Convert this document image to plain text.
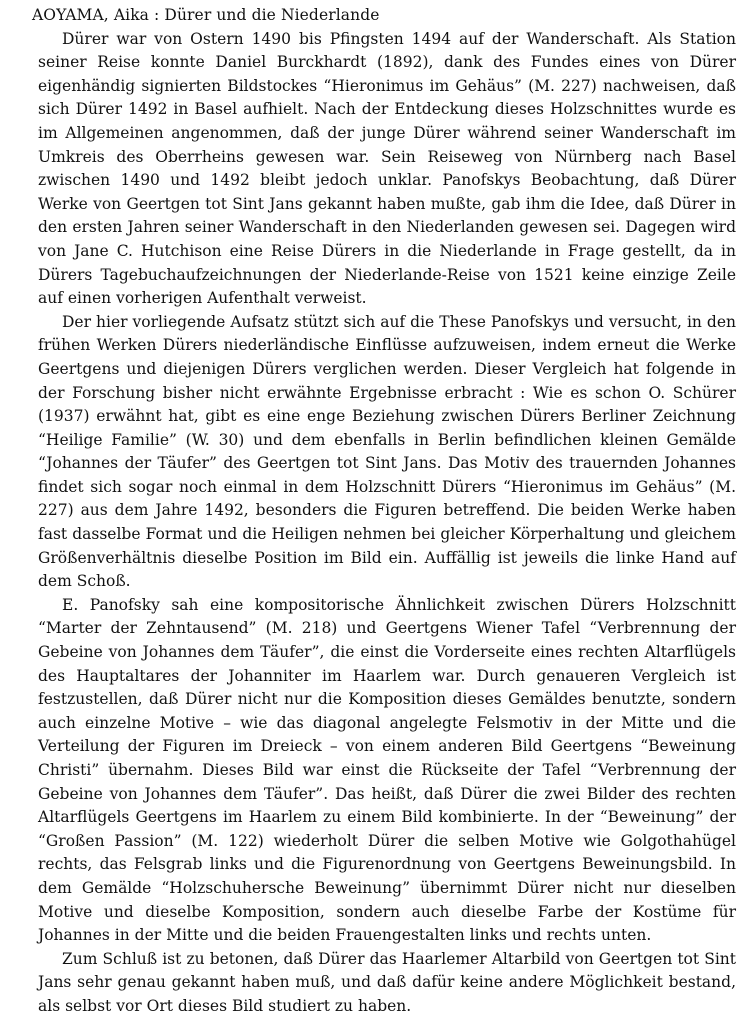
AOYAMA, Aika : Dürer und die Niederlande

Dürer war von Ostern 1490 bis Pfingsten 1494 auf der Wanderschaft. Als Station seiner Reise konnte Daniel Burckhardt (1892), dank des Fundes eines von Dürer eigenhändig signierten Bildstockes “Hieronimus im Gehäus” (M. 227) nachweisen, daß sich Dürer 1492 in Basel aufhielt. Nach der Entdeckung dieses Holzschnittes wurde es im Allgemeinen angenommen, daß der junge Dürer während seiner Wanderschaft im Umkreis des Oberrheins gewesen war. Sein Reiseweg von Nürnberg nach Basel zwischen 1490 und 1492 bleibt jedoch unklar. Panofskys Beobachtung, daß Dürer Werke von Geertgen tot Sint Jans gekannt haben mußte, gab ihm die Idee, daß Dürer in den ersten Jahren seiner Wanderschaft in den Niederlanden gewesen sei. Dagegen wird von Jane C. Hutchison eine Reise Dürers in die Niederlande in Frage gestellt, da in Dürers Tagebuchaufzeichnungen der Niederlande-Reise von 1521 keine einzige Zeile auf einen vorherigen Aufenthalt verweist.

Der hier vorliegende Aufsatz stützt sich auf die These Panofskys und versucht, in den frühen Werken Dürers niederländische Einflüsse aufzuweisen, indem erneut die Werke Geertgens und diejenigen Dürers verglichen werden. Dieser Vergleich hat folgende in der Forschung bisher nicht erwähnte Ergebnisse erbracht : Wie es schon O. Schürer (1937) erwähnt hat, gibt es eine enge Beziehung zwischen Dürers Berliner Zeichnung “Heilige Familie” (W. 30) und dem ebenfalls in Berlin befindlichen kleinen Gemälde “Johannes der Täufer” des Geertgen tot Sint Jans. Das Motiv des trauernden Johannes findet sich sogar noch einmal in dem Holzschnitt Dürers “Hieronimus im Gehäus” (M. 227) aus dem Jahre 1492, besonders die Figuren betreffend. Die beiden Werke haben fast dasselbe Format und die Heiligen nehmen bei gleicher Körperhaltung und gleichem Größenverhältnis dieselbe Position im Bild ein. Auffällig ist jeweils die linke Hand auf dem Schoß.

E. Panofsky sah eine kompositorische Ähnlichkeit zwischen Dürers Holzschnitt “Marter der Zehntausend” (M. 218) und Geertgens Wiener Tafel “Verbrennung der Gebeine von Johannes dem Täufer”, die einst die Vorderseite eines rechten Altarflügels des Hauptaltares der Johanniter im Haarlem war. Durch genaueren Vergleich ist festzustellen, daß Dürer nicht nur die Komposition dieses Gemäldes benutzte, sondern auch einzelne Motive – wie das diagonal angelegte Felsmotiv in der Mitte und die Verteilung der Figuren im Dreieck – von einem anderen Bild Geertgens “Beweinung Christi” übernahm. Dieses Bild war einst die Rückseite der Tafel “Verbrennung der Gebeine von Johannes dem Täufer”. Das heißt, daß Dürer die zwei Bilder des rechten Altarflügels Geertgens im Haarlem zu einem Bild kombinierte. In der “Beweinung” der “Großen Passion” (M. 122) wiederholt Dürer die selben Motive wie Golgothahügel rechts, das Felsgrab links und die Figurenordnung von Geertgens Beweinungsbild. In dem Gemälde “Holzschuhersche Beweinung” übernimmt Dürer nicht nur dieselben Motive und dieselbe Komposition, sondern auch dieselbe Farbe der Kostüme für Johannes in der Mitte und die beiden Frauengestalten links und rechts unten.

Zum Schluß ist zu betonen, daß Dürer das Haarlemer Altarbild von Geertgen tot Sint Jans sehr genau gekannt haben muß, und daß dafür keine andere Möglichkeit bestand, als selbst vor Ort dieses Bild studiert zu haben.
